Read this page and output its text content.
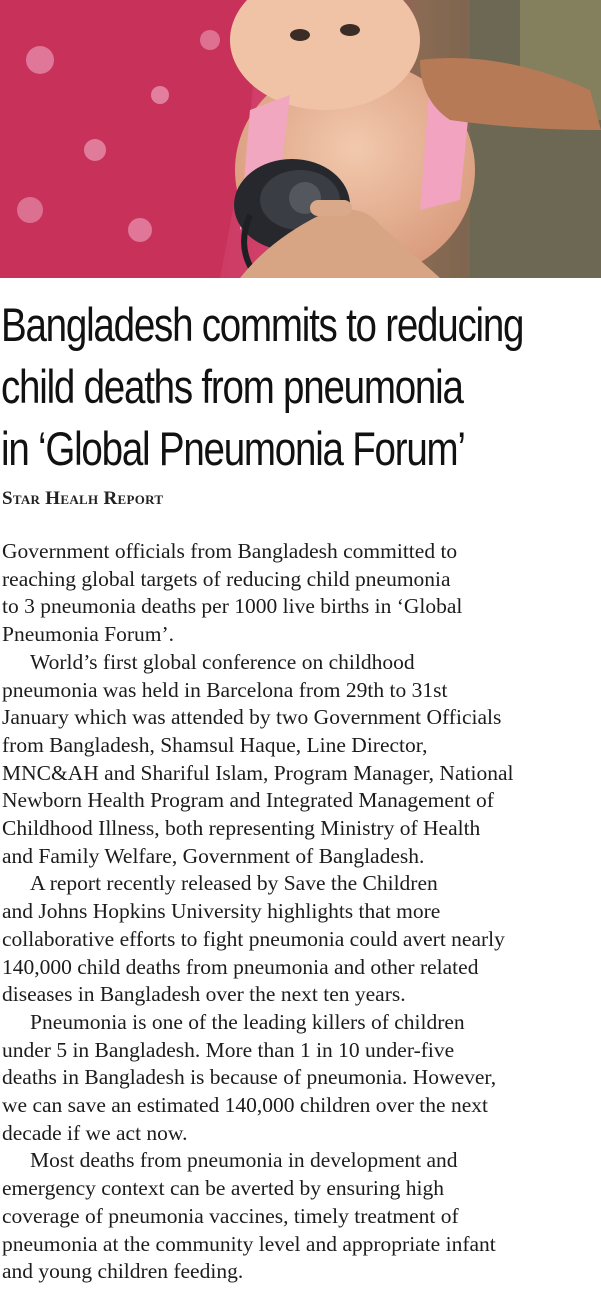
Bangladesh commits to reducing
child deaths from pneumonia
in ‘Global Pneumonia Forum’
Star Healh Report

Government officials from Bangladesh committed to
reaching global targets of reducing child pneumonia
to 3 pneumonia deaths per 1000 live births in ‘Global
Pneumonia Forum’.

World’s first global conference on childhood
pneumonia was held in Barcelona from 29th to 31st
January which was attended by two Government Officials
from Bangladesh, Shamsul Haque, Line Director,
MNC&AH and Shariful Islam, Program Manager, National
Newborn Health Program and Integrated Management of
Childhood Illness, both representing Ministry of Health
and Family Welfare, Government of Bangladesh.

A report recently released by Save the Children
and Johns Hopkins University highlights that more
collaborative efforts to fight pneumonia could avert nearly
140,000 child deaths from pneumonia and other related
diseases in Bangladesh over the next ten years.

Pneumonia is one of the leading killers of children
under 5 in Bangladesh. More than 1 in 10 under-five
deaths in Bangladesh is because of pneumonia. However,
we can save an estimated 140,000 children over the next
decade if we act now.

Most deaths from pneumonia in development and
emergency context can be averted by ensuring high
coverage of pneumonia vaccines, timely treatment of
pneumonia at the community level and appropriate infant
and young children feeding.
